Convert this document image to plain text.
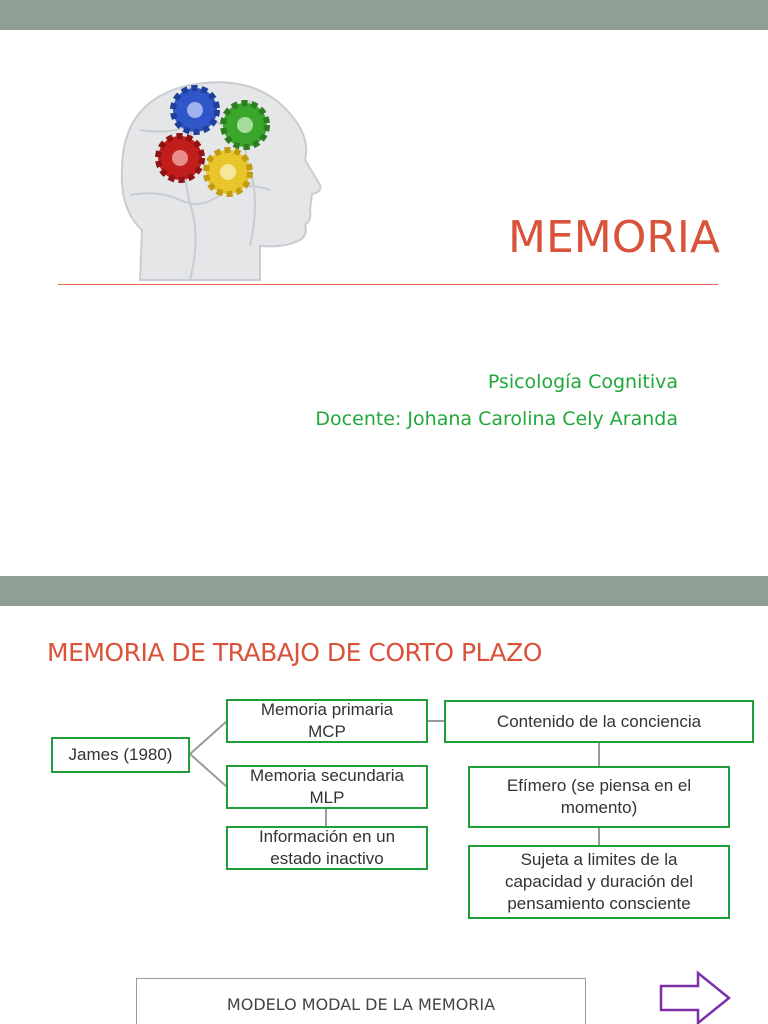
MEMORIA
Psicología Cognitiva
Docente: Johana Carolina Cely Aranda
MEMORIA DE TRABAJO DE CORTO PLAZO
James (1980)
Memoria primaria
MCP
Memoria secundaria
MLP
Información en un
estado inactivo
Contenido de la conciencia
Efímero (se piensa en el
momento)
Sujeta a limites de la
capacidad y duración del
pensamiento consciente
MODELO MODAL DE LA MEMORIA
